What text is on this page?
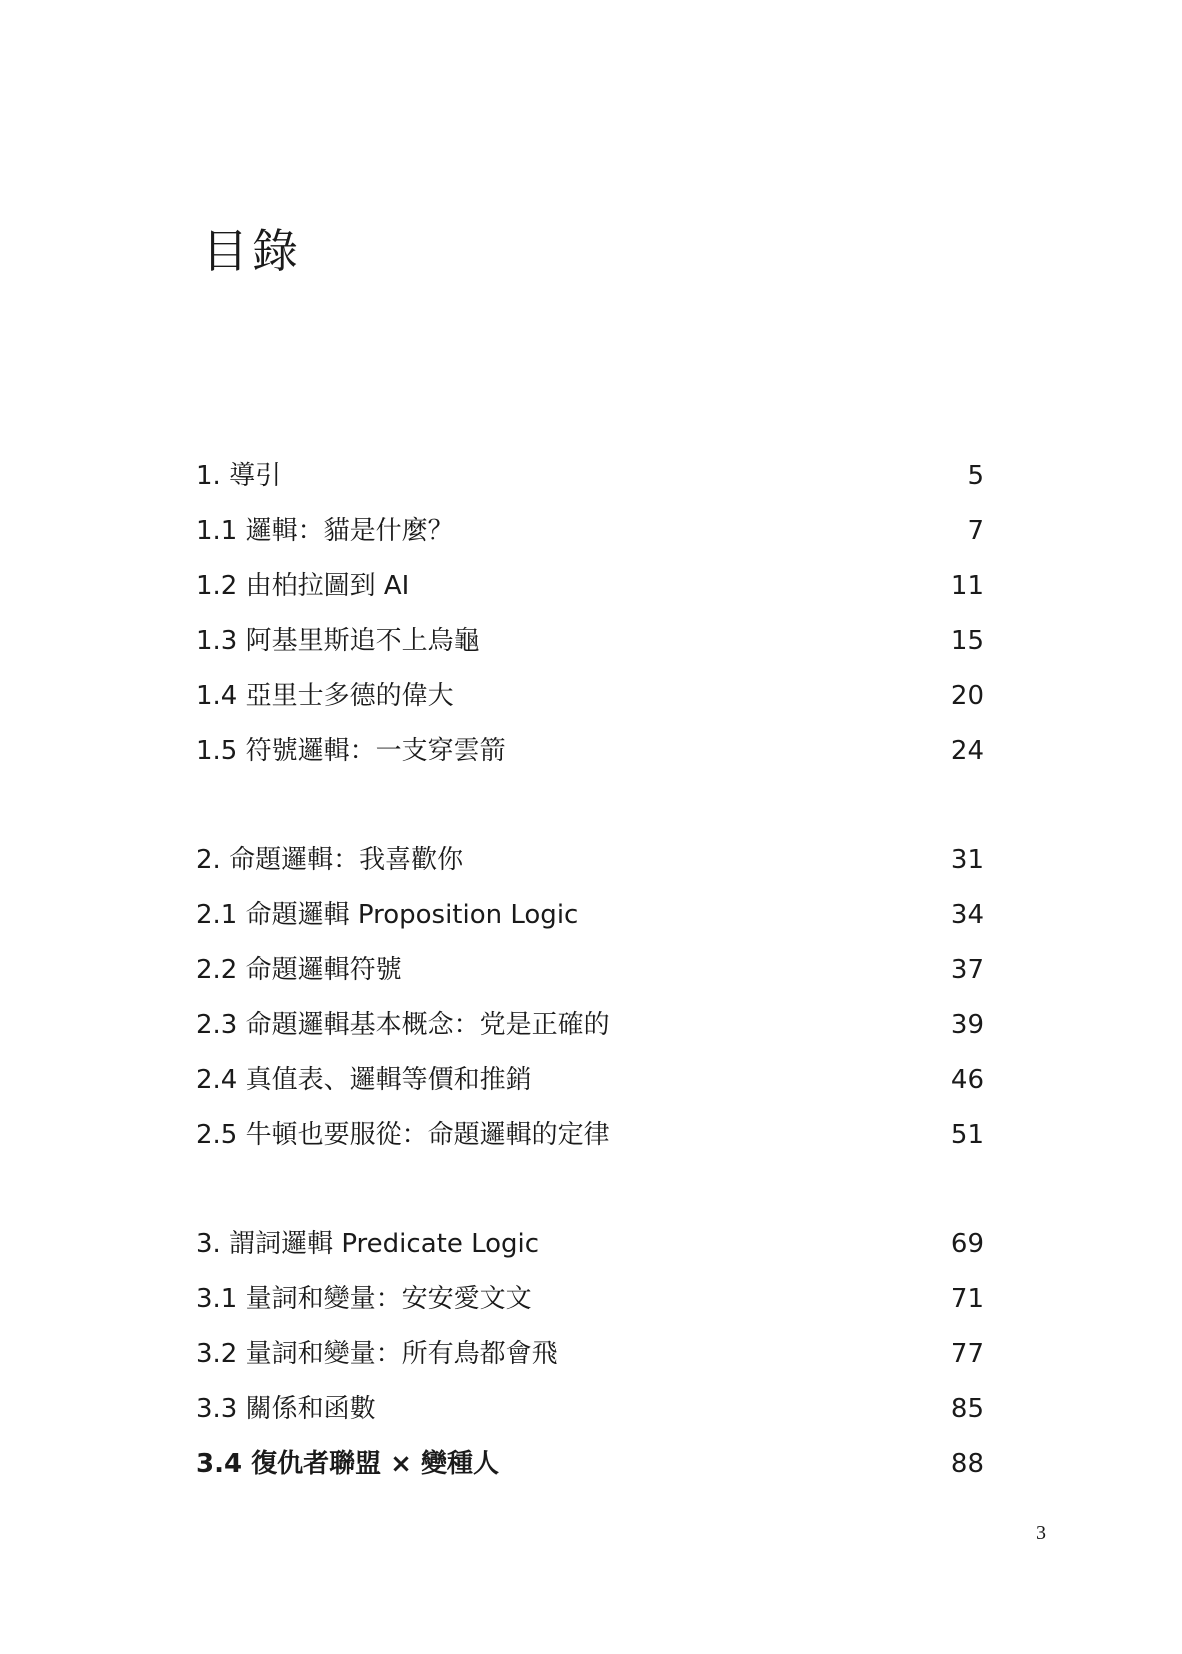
目錄
1. 導引	5
1.1 邏輯：貓是什麼？	7
1.2 由柏拉圖到 AI	11
1.3 阿基里斯追不上烏龜	15
1.4 亞里士多德的偉大	20
1.5 符號邏輯：一支穿雲箭	24
2. 命題邏輯：我喜歡你	31
2.1 命題邏輯 Proposition Logic	34
2.2 命題邏輯符號	37
2.3 命題邏輯基本概念：党是正確的	39
2.4 真值表、邏輯等價和推銷	46
2.5 牛頓也要服從：命題邏輯的定律	51
3. 謂詞邏輯 Predicate Logic	69
3.1 量詞和變量：安安愛文文	71
3.2 量詞和變量：所有鳥都會飛	77
3.3 關係和函數	85
3.4 復仇者聯盟 × 變種人	88
3
